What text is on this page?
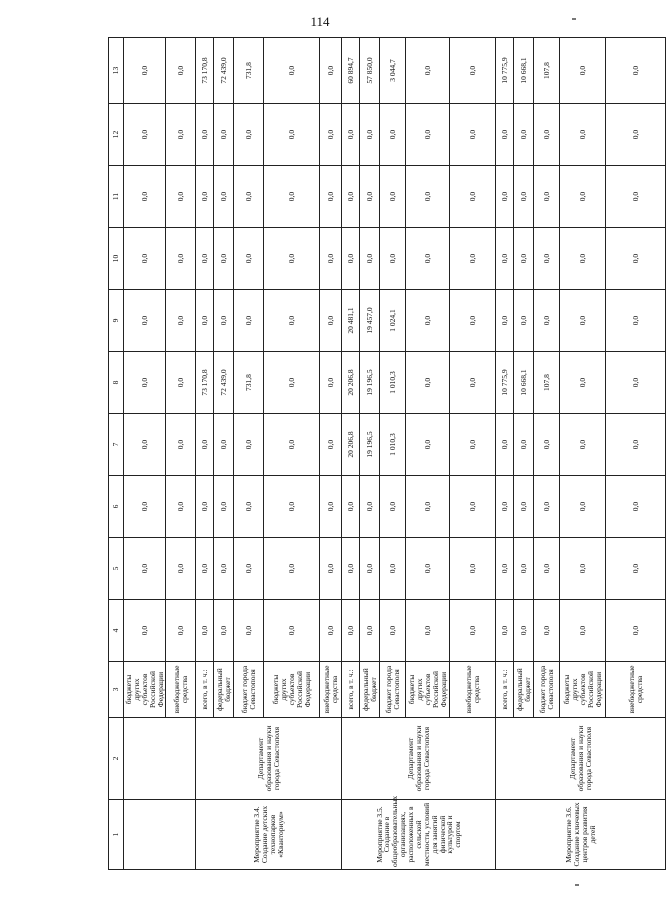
114
1	2	3	4	5	6	7	8	9	10	11	12	13
		бюджеты других субъектов Российской Федерации	0,0	0,0	0,0	0,0	0,0	0,0	0,0	0,0	0,0	0,0
		внебюджетные средства	0,0	0,0	0,0	0,0	0,0	0,0	0,0	0,0	0,0	0,0
Мероприятие 3.4. Создание детских технопарков «Кванториум»	Департамент образования и науки города Севастополя	всего, в т. ч.:	0,0	0,0	0,0	0,0	73 170,8	0,0	0,0	0,0	0,0	73 170,8
		федеральный бюджет	0,0	0,0	0,0	0,0	72 439,0	0,0	0,0	0,0	0,0	72 439,0
		бюджет города Севастополя	0,0	0,0	0,0	0,0	731,8	0,0	0,0	0,0	0,0	731,8
		бюджеты других субъектов Российской Федерации	0,0	0,0	0,0	0,0	0,0	0,0	0,0	0,0	0,0	0,0
		внебюджетные средства	0,0	0,0	0,0	0,0	0,0	0,0	0,0	0,0	0,0	0,0
Мероприятие 3.5. Создание в общеобразовательных организациях, расположенных в сельской местности, условий для занятий физической культурой и спортом	Департамент образования и науки города Севастополя	всего, в т. ч.:	0,0	0,0	0,0	20 206,8	20 206,8	20 481,1	0,0	0,0	0,0	60 894,7
		федеральный бюджет	0,0	0,0	0,0	19 196,5	19 196,5	19 457,0	0,0	0,0	0,0	57 850,0
		бюджет города Севастополя	0,0	0,0	0,0	1 010,3	1 010,3	1 024,1	0,0	0,0	0,0	3 044,7
		бюджеты других субъектов Российской Федерации	0,0	0,0	0,0	0,0	0,0	0,0	0,0	0,0	0,0	0,0
		внебюджетные средства	0,0	0,0	0,0	0,0	0,0	0,0	0,0	0,0	0,0	0,0
Мероприятие 3.6. Создание ключевых центров развития детей	Департамент образования и науки города Севастополя	всего, в т. ч.:	0,0	0,0	0,0	0,0	10 775,9	0,0	0,0	0,0	0,0	10 775,9
		федеральный бюджет	0,0	0,0	0,0	0,0	10 668,1	0,0	0,0	0,0	0,0	10 668,1
		бюджет города Севастополя	0,0	0,0	0,0	0,0	107,8	0,0	0,0	0,0	0,0	107,8
		бюджеты других субъектов Российской Федерации	0,0	0,0	0,0	0,0	0,0	0,0	0,0	0,0	0,0	0,0
		внебюджетные средства	0,0	0,0	0,0	0,0	0,0	0,0	0,0	0,0	0,0	0,0
